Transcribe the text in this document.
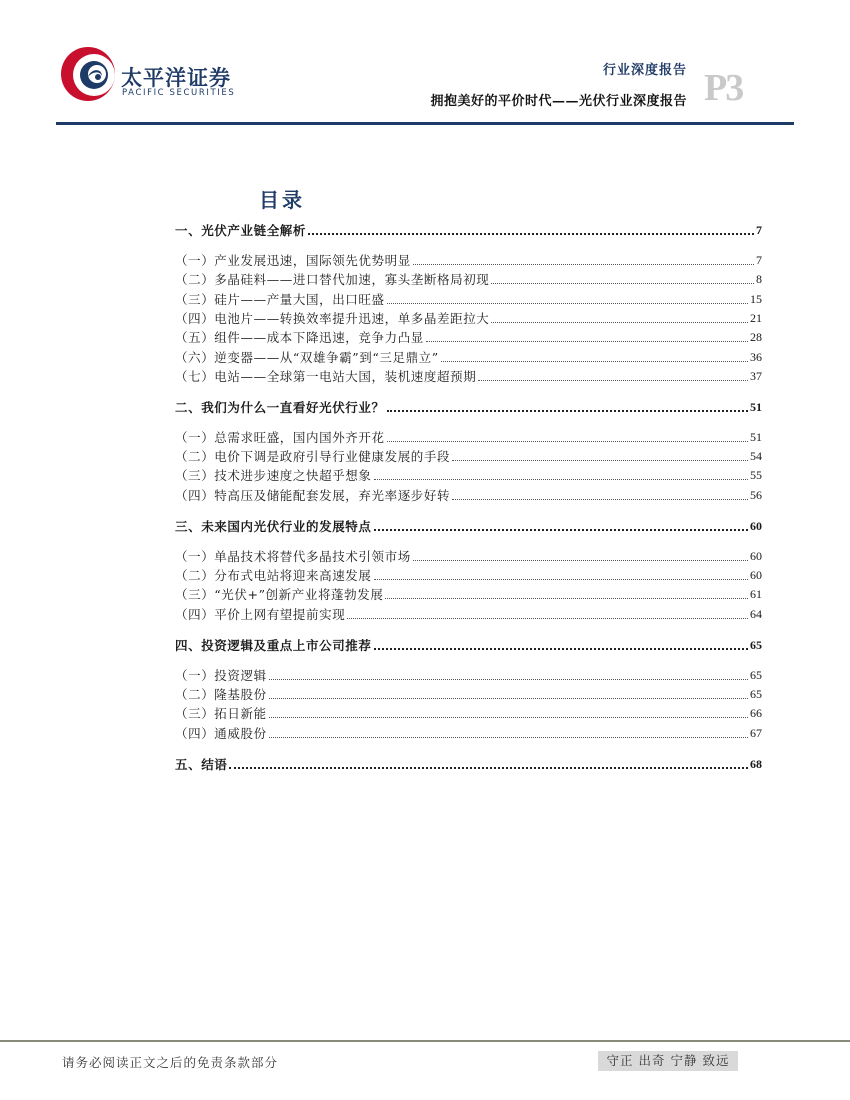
太平洋证券
PACIFIC SECURITIES
行业深度报告
拥抱美好的平价时代——光伏行业深度报告 P3
目录
一、光伏产业链全解析	7
（一）产业发展迅速，国际领先优势明显	7
（二）多晶硅料——进口替代加速，寡头垄断格局初现	8
（三）硅片——产量大国，出口旺盛	15
（四）电池片——转换效率提升迅速，单多晶差距拉大	21
（五）组件——成本下降迅速，竞争力凸显	28
（六）逆变器——从“双雄争霸”到“三足鼎立”	36
（七）电站——全球第一电站大国，装机速度超预期	37
二、我们为什么一直看好光伏行业？	51
（一）总需求旺盛，国内国外齐开花	51
（二）电价下调是政府引导行业健康发展的手段	54
（三）技术进步速度之快超乎想象	55
（四）特高压及储能配套发展，弃光率逐步好转	56
三、未来国内光伏行业的发展特点	60
（一）单晶技术将替代多晶技术引领市场	60
（二）分布式电站将迎来高速发展	60
（三）“光伏+”创新产业将蓬勃发展	61
（四）平价上网有望提前实现	64
四、投资逻辑及重点上市公司推荐	65
（一）投资逻辑	65
（二）隆基股份	65
（三）拓日新能	66
（四）通威股份	67
五、结语	68
请务必阅读正文之后的免责条款部分	守正 出奇 宁静 致远
